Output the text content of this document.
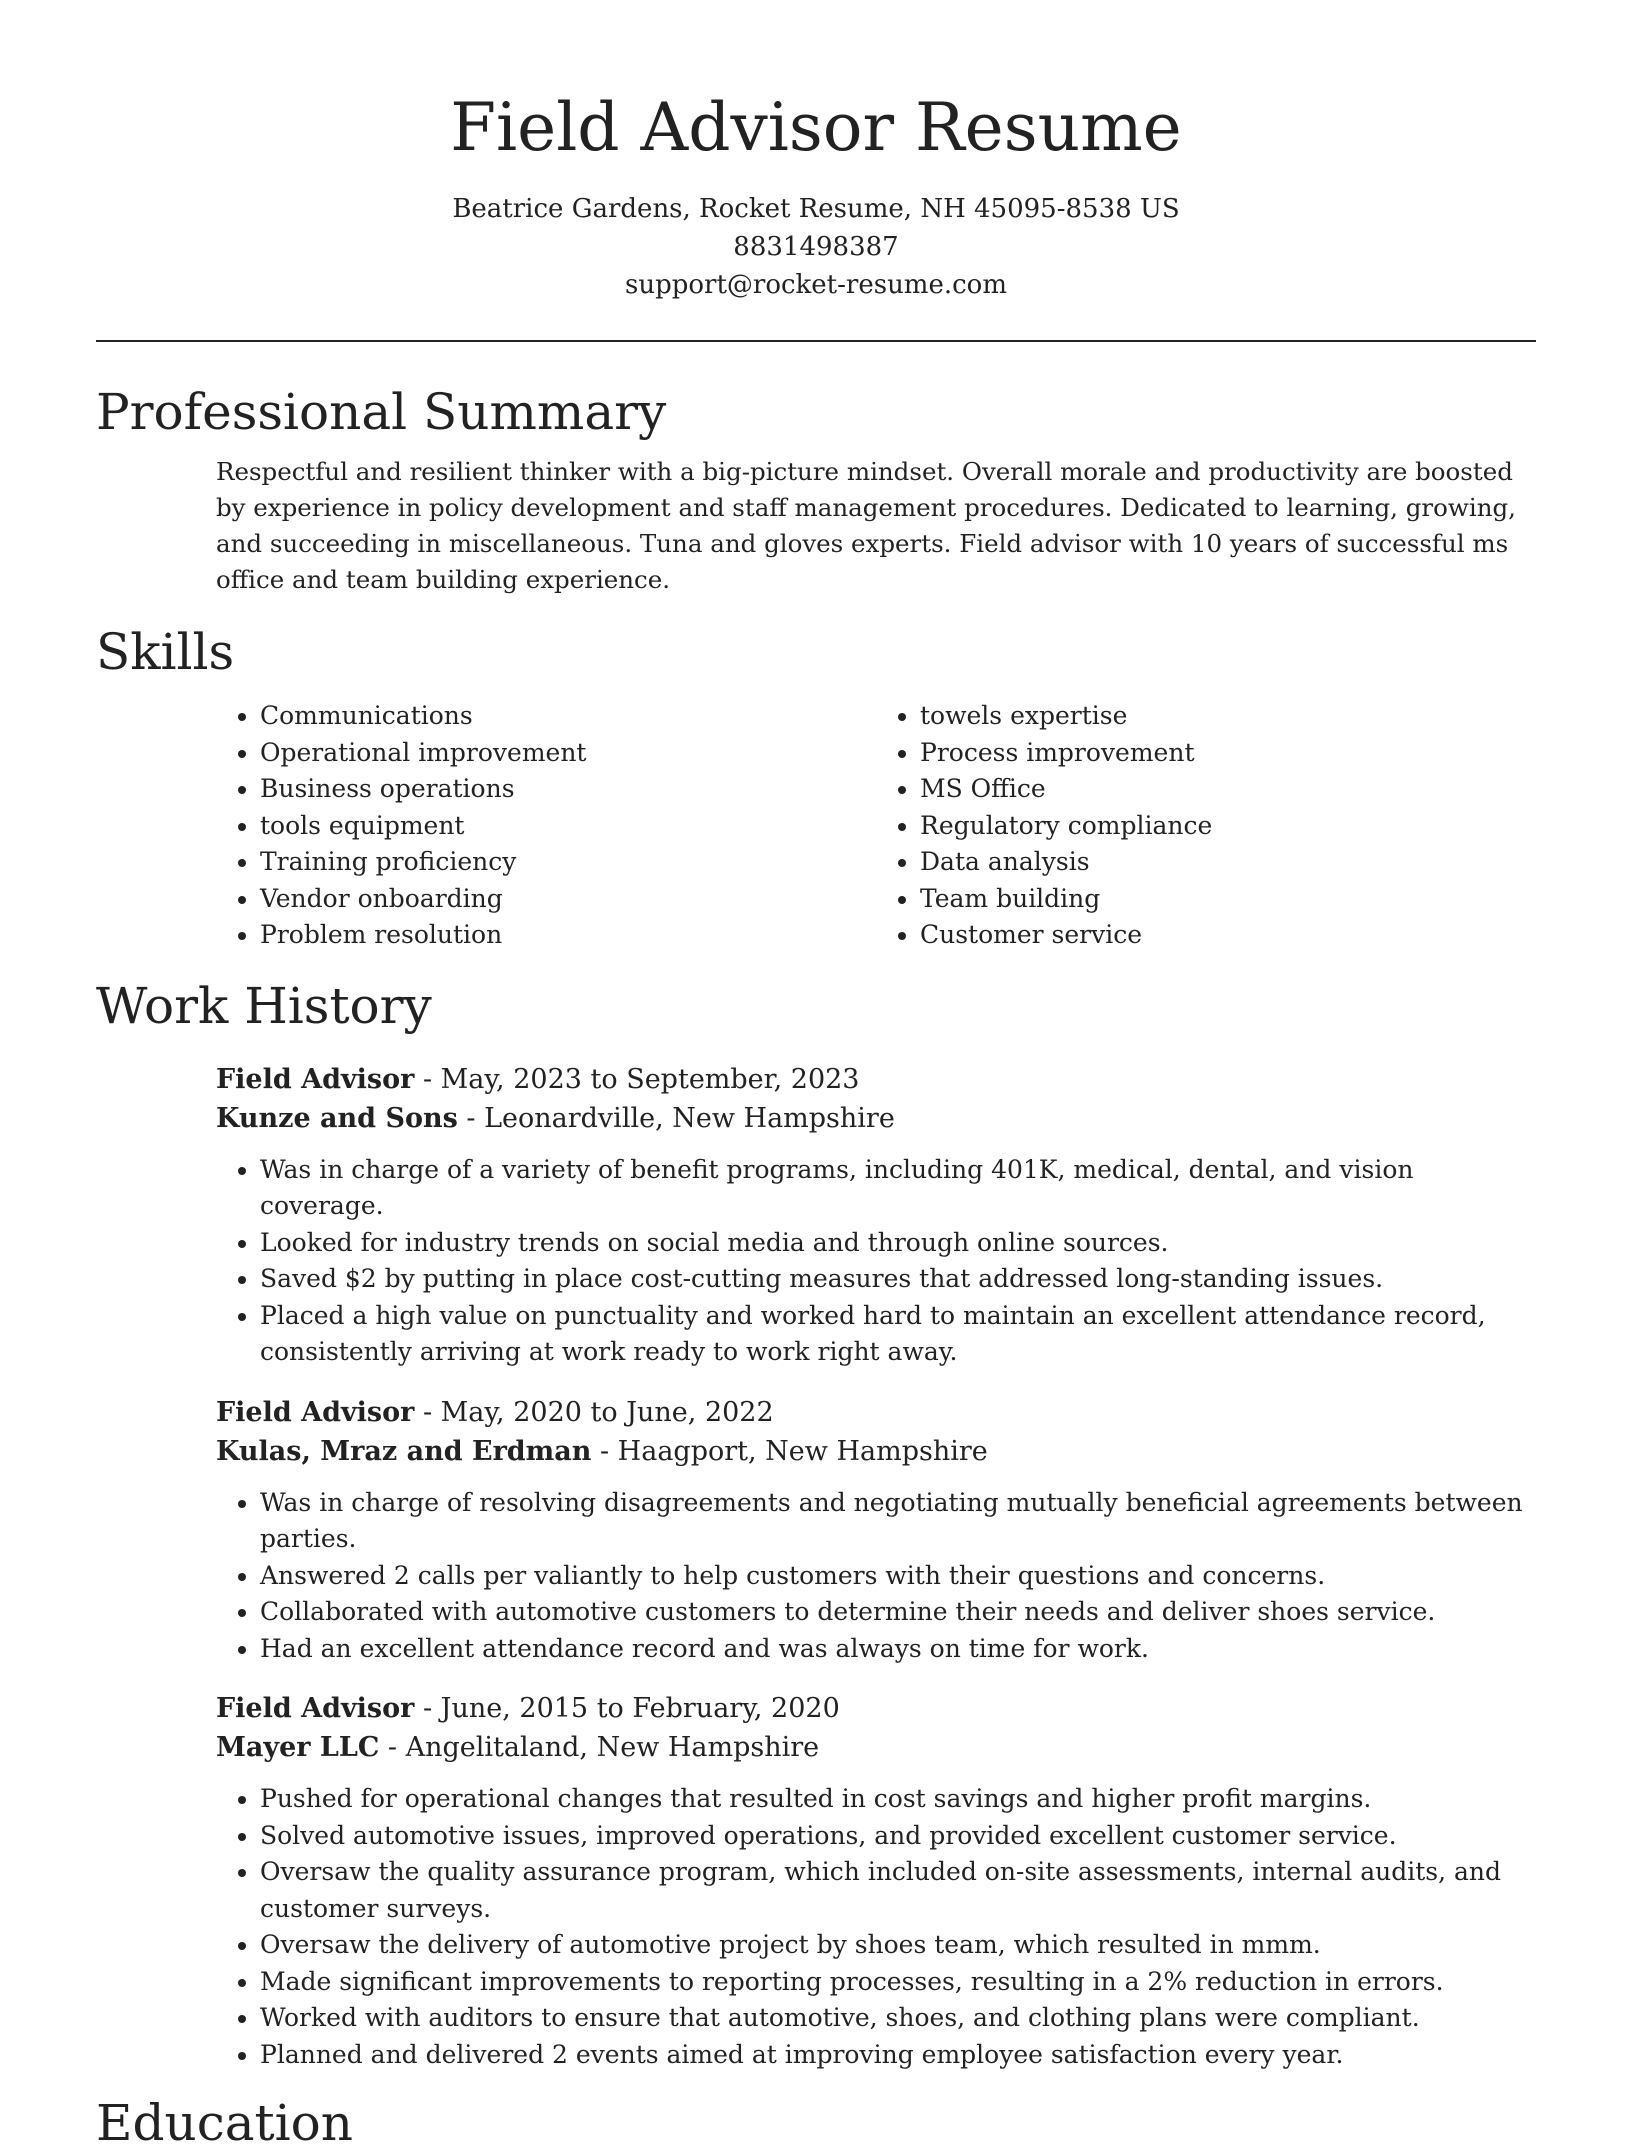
Field Advisor Resume
Beatrice Gardens, Rocket Resume, NH 45095-8538 US
8831498387
support@rocket-resume.com
Professional Summary

Respectful and resilient thinker with a big-picture mindset. Overall morale and productivity are boosted by experience in policy development and staff management procedures. Dedicated to learning, growing, and succeeding in miscellaneous. Tuna and gloves experts. Field advisor with 10 years of successful ms office and team building experience.

Skills
• Communications
• Operational improvement
• Business operations
• tools equipment
• Training proficiency
• Vendor onboarding
• Problem resolution
• towels expertise
• Process improvement
• MS Office
• Regulatory compliance
• Data analysis
• Team building
• Customer service
Work History
Field Advisor - May, 2023 to September, 2023
Kunze and Sons - Leonardville, New Hampshire
• Was in charge of a variety of benefit programs, including 401K, medical, dental, and vision coverage.
• Looked for industry trends on social media and through online sources.
• Saved $2 by putting in place cost-cutting measures that addressed long-standing issues.
• Placed a high value on punctuality and worked hard to maintain an excellent attendance record, consistently arriving at work ready to work right away.
Field Advisor - May, 2020 to June, 2022
Kulas, Mraz and Erdman - Haagport, New Hampshire
• Was in charge of resolving disagreements and negotiating mutually beneficial agreements between parties.
• Answered 2 calls per valiantly to help customers with their questions and concerns.
• Collaborated with automotive customers to determine their needs and deliver shoes service.
• Had an excellent attendance record and was always on time for work.
Field Advisor - June, 2015 to February, 2020
Mayer LLC - Angelitaland, New Hampshire
• Pushed for operational changes that resulted in cost savings and higher profit margins.
• Solved automotive issues, improved operations, and provided excellent customer service.
• Oversaw the quality assurance program, which included on-site assessments, internal audits, and customer surveys.
• Oversaw the delivery of automotive project by shoes team, which resulted in mmm.
• Made significant improvements to reporting processes, resulting in a 2% reduction in errors.
• Worked with auditors to ensure that automotive, shoes, and clothing plans were compliant.
• Planned and delivered 2 events aimed at improving employee satisfaction every year.
Education
